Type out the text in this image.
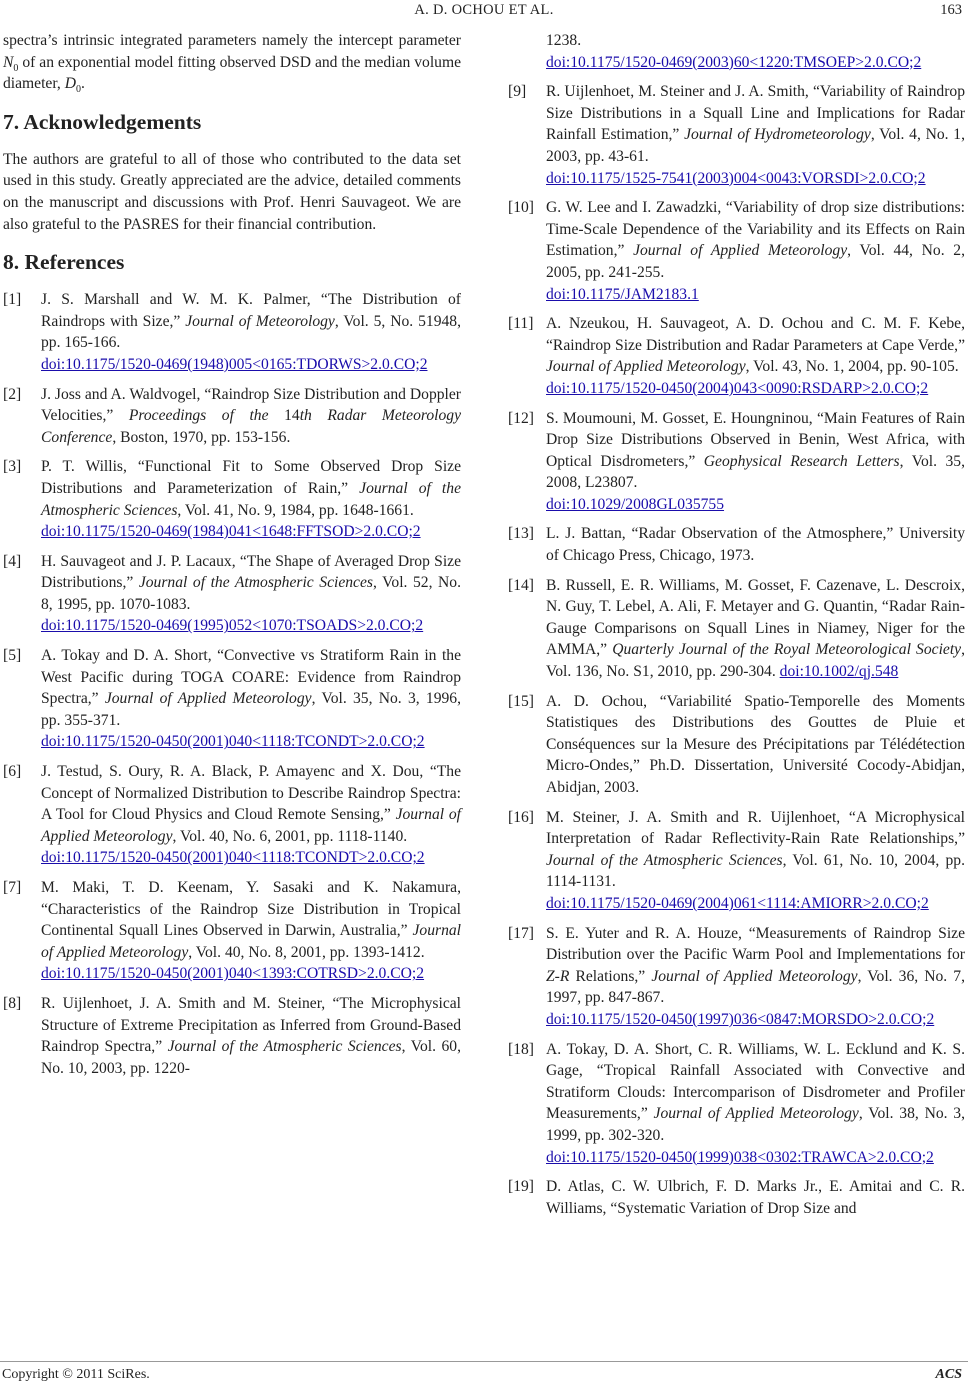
A. D. OCHOU ET AL.	163

spectra’s intrinsic integrated parameters namely the intercept parameter $N_0$ of an exponential model fitting observed DSD and the median volume diameter, $D_0$.

7. Acknowledgements

The authors are grateful to all of those who contributed to the data set used in this study. Greatly appreciated are the advice, detailed comments on the manuscript and discussions with Prof. Henri Sauvageot. We are also grateful to the PASRES for their financial contribution.

8. References
[1] J. S. Marshall and W. M. K. Palmer, “The Distribution of Raindrops with Size,” Journal of Meteorology, Vol. 5, No. 51948, pp. 165-166.
doi:10.1175/1520-0469(1948)005<0165:TDORWS>2.0.CO;2
[2] J. Joss and A. Waldvogel, “Raindrop Size Distribution and Doppler Velocities,” Proceedings of the 14th Radar Meteorology Conference, Boston, 1970, pp. 153-156.
[3] P. T. Willis, “Functional Fit to Some Observed Drop Size Distributions and Parameterization of Rain,” Journal of the Atmospheric Sciences, Vol. 41, No. 9, 1984, pp. 1648-1661.
doi:10.1175/1520-0469(1984)041<1648:FFTSOD>2.0.CO;2
[4] H. Sauvageot and J. P. Lacaux, “The Shape of Averaged Drop Size Distributions,” Journal of the Atmospheric Sciences, Vol. 52, No. 8, 1995, pp. 1070-1083.
doi:10.1175/1520-0469(1995)052<1070:TSOADS>2.0.CO;2
[5] A. Tokay and D. A. Short, “Convective vs Stratiform Rain in the West Pacific during TOGA COARE: Evidence from Raindrop Spectra,” Journal of Applied Meteorology, Vol. 35, No. 3, 1996, pp. 355-371.
doi:10.1175/1520-0450(2001)040<1118:TCONDT>2.0.CO;2
[6] J. Testud, S. Oury, R. A. Black, P. Amayenc and X. Dou, “The Concept of Normalized Distribution to Describe Raindrop Spectra: A Tool for Cloud Physics and Cloud Remote Sensing,” Journal of Applied Meteorology, Vol. 40, No. 6, 2001, pp. 1118-1140.
doi:10.1175/1520-0450(2001)040<1118:TCONDT>2.0.CO;2
[7] M. Maki, T. D. Keenam, Y. Sasaki and K. Nakamura, “Characteristics of the Raindrop Size Distribution in Tropical Continental Squall Lines Observed in Darwin, Australia,” Journal of Applied Meteorology, Vol. 40, No. 8, 2001, pp. 1393-1412.
doi:10.1175/1520-0450(2001)040<1393:COTRSD>2.0.CO;2
[8] R. Uijlenhoet, J. A. Smith and M. Steiner, “The Microphysical Structure of Extreme Precipitation as Inferred from Ground-Based Raindrop Spectra,” Journal of the Atmospheric Sciences, Vol. 60, No. 10, 2003, pp. 1220-
1238.
doi:10.1175/1520-0469(2003)60<1220:TMSOEP>2.0.CO;2
[9] R. Uijlenhoet, M. Steiner and J. A. Smith, “Variability of Raindrop Size Distributions in a Squall Line and Implications for Radar Rainfall Estimation,” Journal of Hydrometeorology, Vol. 4, No. 1, 2003, pp. 43-61.
doi:10.1175/1525-7541(2003)004<0043:VORSDI>2.0.CO;2
[10] G. W. Lee and I. Zawadzki, “Variability of drop size distributions: Time-Scale Dependence of the Variability and its Effects on Rain Estimation,” Journal of Applied Meteorology, Vol. 44, No. 2, 2005, pp. 241-255.
doi:10.1175/JAM2183.1
[11] A. Nzeukou, H. Sauvageot, A. D. Ochou and C. M. F. Kebe, “Raindrop Size Distribution and Radar Parameters at Cape Verde,” Journal of Applied Meteorology, Vol. 43, No. 1, 2004, pp. 90-105.
doi:10.1175/1520-0450(2004)043<0090:RSDARP>2.0.CO;2
[12] S. Moumouni, M. Gosset, E. Houngninou, “Main Features of Rain Drop Size Distributions Observed in Benin, West Africa, with Optical Disdrometers,” Geophysical Research Letters, Vol. 35, 2008, L23807.
doi:10.1029/2008GL035755
[13] L. J. Battan, “Radar Observation of the Atmosphere,” University of Chicago Press, Chicago, 1973.
[14] B. Russell, E. R. Williams, M. Gosset, F. Cazenave, L. Descroix, N. Guy, T. Lebel, A. Ali, F. Metayer and G. Quantin, “Radar Rain-Gauge Comparisons on Squall Lines in Niamey, Niger for the AMMA,” Quarterly Journal of the Royal Meteorological Society, Vol. 136, No. S1, 2010, pp. 290-304. doi:10.1002/qj.548
[15] A. D. Ochou, “Variabilité Spatio-Temporelle des Moments Statistiques des Distributions des Gouttes de Pluie et Conséquences sur la Mesure des Précipitations par Télédétection Micro-Ondes,” Ph.D. Dissertation, Université Cocody-Abidjan, Abidjan, 2003.
[16] M. Steiner, J. A. Smith and R. Uijlenhoet, “A Microphysical Interpretation of Radar Reflectivity-Rain Rate Relationships,” Journal of the Atmospheric Sciences, Vol. 61, No. 10, 2004, pp. 1114-1131.
doi:10.1175/1520-0469(2004)061<1114:AMIORR>2.0.CO;2
[17] S. E. Yuter and R. A. Houze, “Measurements of Raindrop Size Distribution over the Pacific Warm Pool and Implementations for Z-R Relations,” Journal of Applied Meteorology, Vol. 36, No. 7, 1997, pp. 847-867.
doi:10.1175/1520-0450(1997)036<0847:MORSDO>2.0.CO;2
[18] A. Tokay, D. A. Short, C. R. Williams, W. L. Ecklund and K. S. Gage, “Tropical Rainfall Associated with Convective and Stratiform Clouds: Intercomparison of Disdrometer and Profiler Measurements,” Journal of Applied Meteorology, Vol. 38, No. 3, 1999, pp. 302-320.
doi:10.1175/1520-0450(1999)038<0302:TRAWCA>2.0.CO;2
[19] D. Atlas, C. W. Ulbrich, F. D. Marks Jr., E. Amitai and C. R. Williams, “Systematic Variation of Drop Size and
Copyright © 2011 SciRes.	ACS
